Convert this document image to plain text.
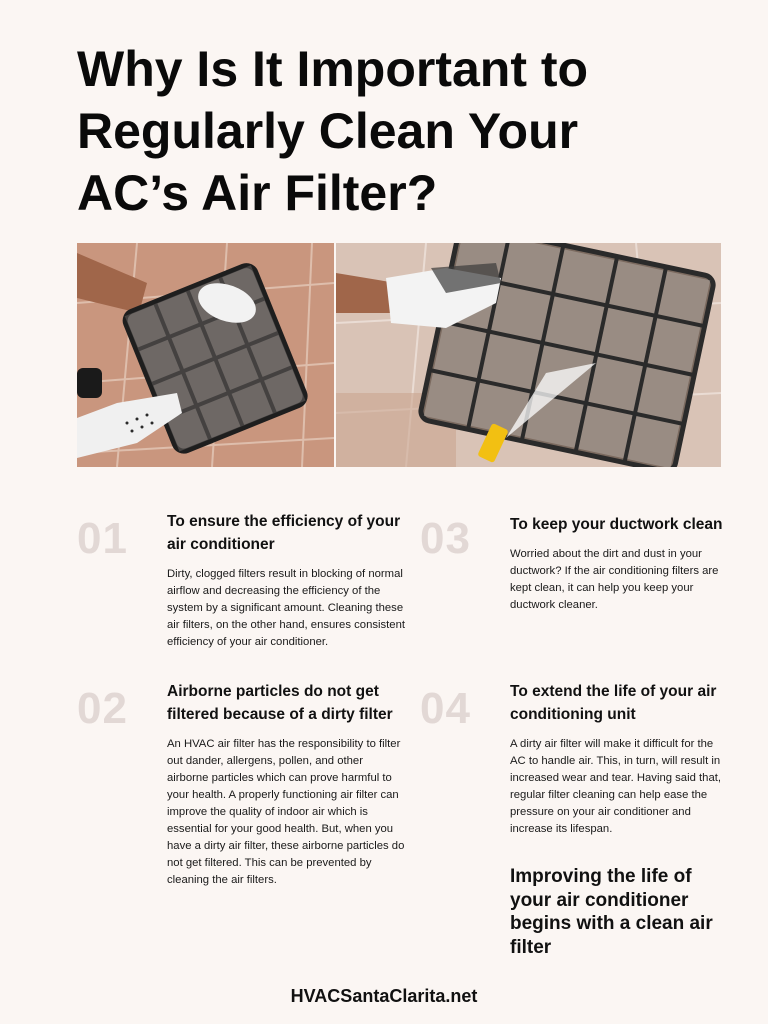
Why Is It Important to Regularly Clean Your AC’s Air Filter?
01	To ensure the efficiency of your air conditioner

Dirty, clogged filters result in blocking of normal airflow and decreasing the efficiency of the system by a significant amount. Cleaning these air filters, on the other hand, ensures consistent efficiency of your air conditioner.

02	Airborne particles do not get filtered because of a dirty filter

An HVAC air filter has the responsibility to filter out dander, allergens, pollen, and other airborne particles which can prove harmful to your health. A properly functioning air filter can improve the quality of indoor air which is essential for your good health. But, when you have a dirty air filter, these airborne particles do not get filtered. This can be prevented by cleaning the air filters.

03	To keep your ductwork clean

Worried about the dirt and dust in your ductwork? If the air conditioning filters are kept clean, it can help you keep your ductwork cleaner.

04	To extend the life of your air conditioning unit

A dirty air filter will make it difficult for the AC to handle air. This, in turn, will result in increased wear and tear. Having said that, regular filter cleaning can help ease the pressure on your air conditioner and increase its lifespan.

Improving the life of your air conditioner begins with a clean air filter

HVACSantaClarita.net
